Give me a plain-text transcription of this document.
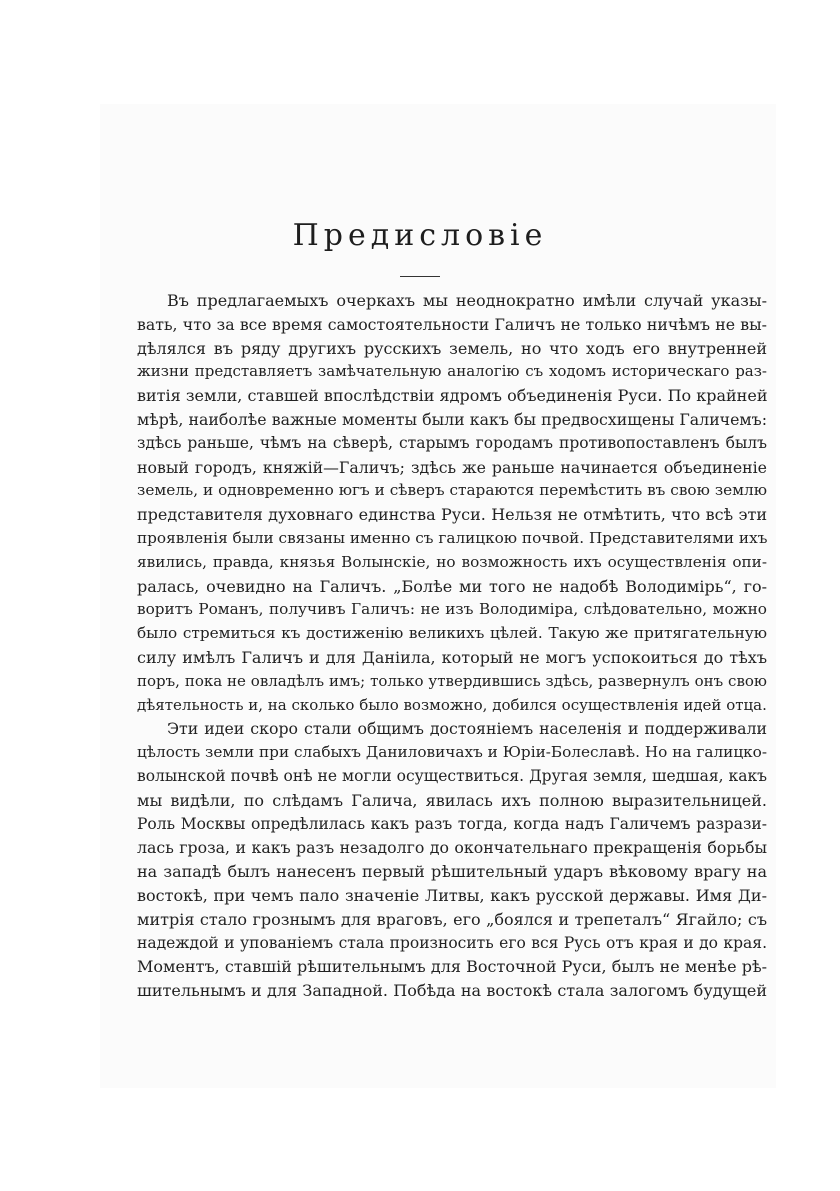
Предисловіе
Въ предлагаемыхъ очеркахъ мы неоднократно имѣли случай указы-
вать, что за все время самостоятельности Галичъ не только ничѣмъ не вы-
дѣлялся въ ряду другихъ русскихъ земель, но что ходъ его внутренней
жизни представляетъ замѣчательную аналогію съ ходомъ историческаго раз-
витія земли, ставшей впослѣдствіи ядромъ объединенія Руси. По крайней
мѣрѣ, наиболѣе важные моменты были какъ бы предвосхищены Галичемъ:
здѣсь раньше, чѣмъ на сѣверѣ, старымъ городамъ противопоставленъ былъ
новый городъ, княжій—Галичъ; здѣсь же раньше начинается объединеніе
земель, и одновременно югъ и сѣверъ стараются перемѣстить въ свою землю
представителя духовнаго единства Руси. Нельзя не отмѣтить, что всѣ эти
проявленія были связаны именно съ галицкою почвой. Представителями ихъ
явились, правда, князья Волынскіе, но возможность ихъ осуществленія опи-
ралась, очевидно на Галичъ. „Болѣе ми того не надобѣ Володимірь“, го-
воритъ Романъ, получивъ Галичъ: не изъ Володиміра, слѣдовательно, можно
было стремиться къ достиженію великихъ цѣлей. Такую же притягательную
силу имѣлъ Галичъ и для Даніила, который не могъ успокоиться до тѣхъ
поръ, пока не овладѣлъ имъ; только утвердившись здѣсь, развернулъ онъ свою
дѣятельность и, на сколько было возможно, добился осуществленія идей отца.
Эти идеи скоро стали общимъ достояніемъ населенія и поддерживали
цѣлость земли при слабыхъ Даниловичахъ и Юріи-Болеславѣ. Но на галицко-
волынской почвѣ онѣ не могли осуществиться. Другая земля, шедшая, какъ
мы видѣли, по слѣдамъ Галича, явилась ихъ полною выразительницей.
Роль Москвы опредѣлилась какъ разъ тогда, когда надъ Галичемъ разрази-
лась гроза, и какъ разъ незадолго до окончательнаго прекращенія борьбы
на западѣ былъ нанесенъ первый рѣшительный ударъ вѣковому врагу на
востокѣ, при чемъ пало значеніе Литвы, какъ русской державы. Имя Ди-
митрія стало грознымъ для враговъ, его „боялся и трепеталъ“ Ягайло; съ
надеждой и упованіемъ стала произносить его вся Русь отъ края и до края.
Моментъ, ставшій рѣшительнымъ для Восточной Руси, былъ не менѣе рѣ-
шительнымъ и для Западной. Побѣда на востокѣ стала залогомъ будущей
